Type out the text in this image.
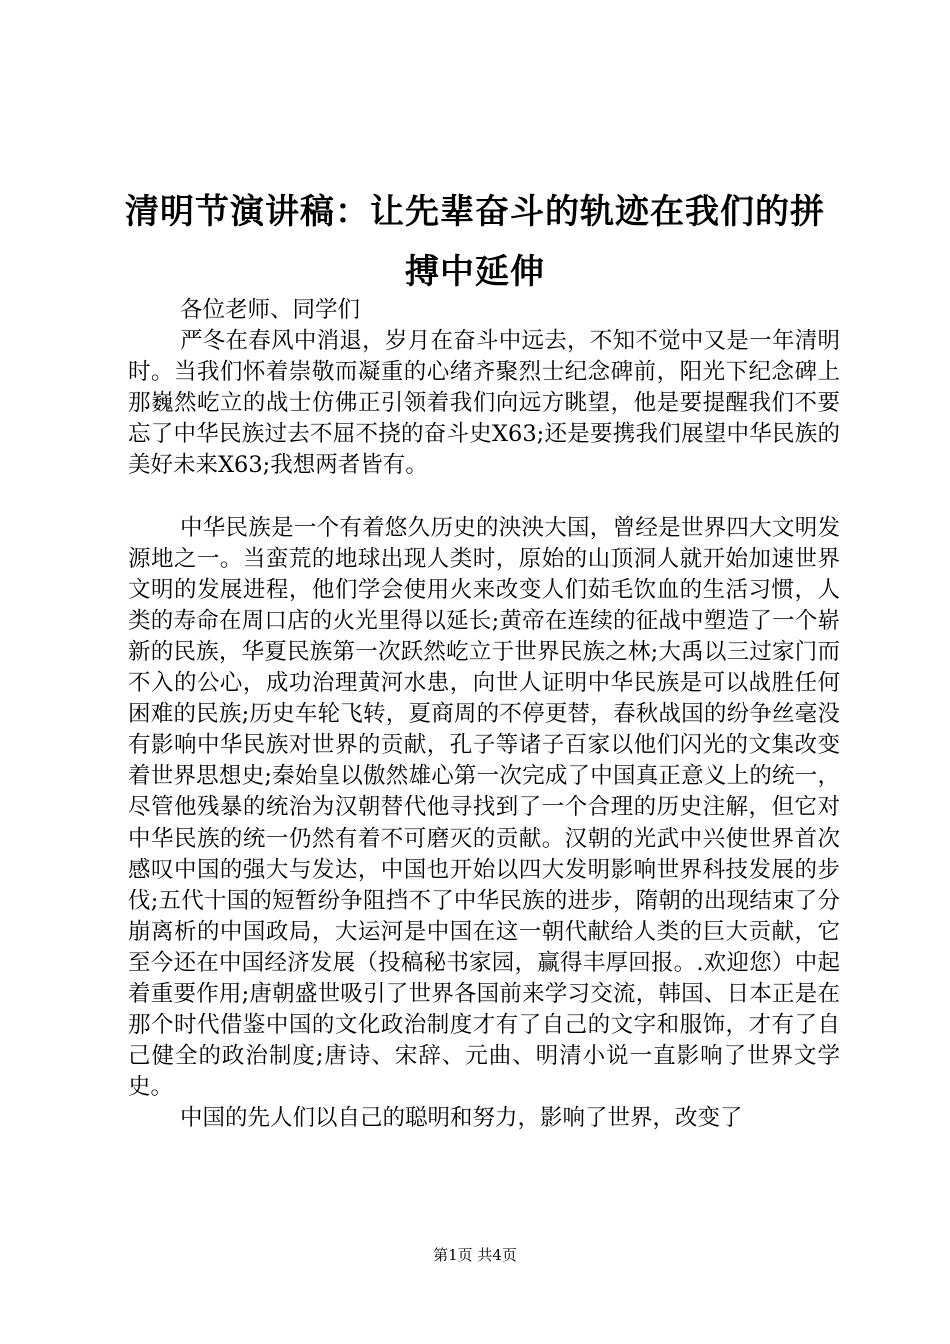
清明节演讲稿：让先辈奋斗的轨迹在我们的拼搏中延伸

各位老师、同学们

严冬在春风中消退，岁月在奋斗中远去，不知不觉中又是一年清明时。当我们怀着崇敬而凝重的心绪齐聚烈士纪念碑前，阳光下纪念碑上那巍然屹立的战士仿佛正引领着我们向远方眺望，他是要提醒我们不要忘了中华民族过去不屈不挠的奋斗史X63;还是要携我们展望中华民族的美好未来X63;我想两者皆有。

中华民族是一个有着悠久历史的泱泱大国，曾经是世界四大文明发源地之一。当蛮荒的地球出现人类时，原始的山顶洞人就开始加速世界文明的发展进程，他们学会使用火来改变人们茹毛饮血的生活习惯，人类的寿命在周口店的火光里得以延长;黄帝在连续的征战中塑造了一个崭新的民族，华夏民族第一次跃然屹立于世界民族之林;大禹以三过家门而不入的公心，成功治理黄河水患，向世人证明中华民族是可以战胜任何困难的民族;历史车轮飞转，夏商周的不停更替，春秋战国的纷争丝毫没有影响中华民族对世界的贡献，孔子等诸子百家以他们闪光的文集改变着世界思想史;秦始皇以傲然雄心第一次完成了中国真正意义上的统一，尽管他残暴的统治为汉朝替代他寻找到了一个合理的历史注解，但它对中华民族的统一仍然有着不可磨灭的贡献。汉朝的光武中兴使世界首次感叹中国的强大与发达，中国也开始以四大发明影响世界科技发展的步伐;五代十国的短暂纷争阻挡不了中华民族的进步，隋朝的出现结束了分崩离析的中国政局，大运河是中国在这一朝代献给人类的巨大贡献，它至今还在中国经济发展（投稿秘书家园，赢得丰厚回报。.欢迎您）中起着重要作用;唐朝盛世吸引了世界各国前来学习交流，韩国、日本正是在那个时代借鉴中国的文化政治制度才有了自己的文字和服饰，才有了自己健全的政治制度;唐诗、宋辞、元曲、明清小说一直影响了世界文学史。

中国的先人们以自己的聪明和努力，影响了世界，改变了

第1页 共4页
